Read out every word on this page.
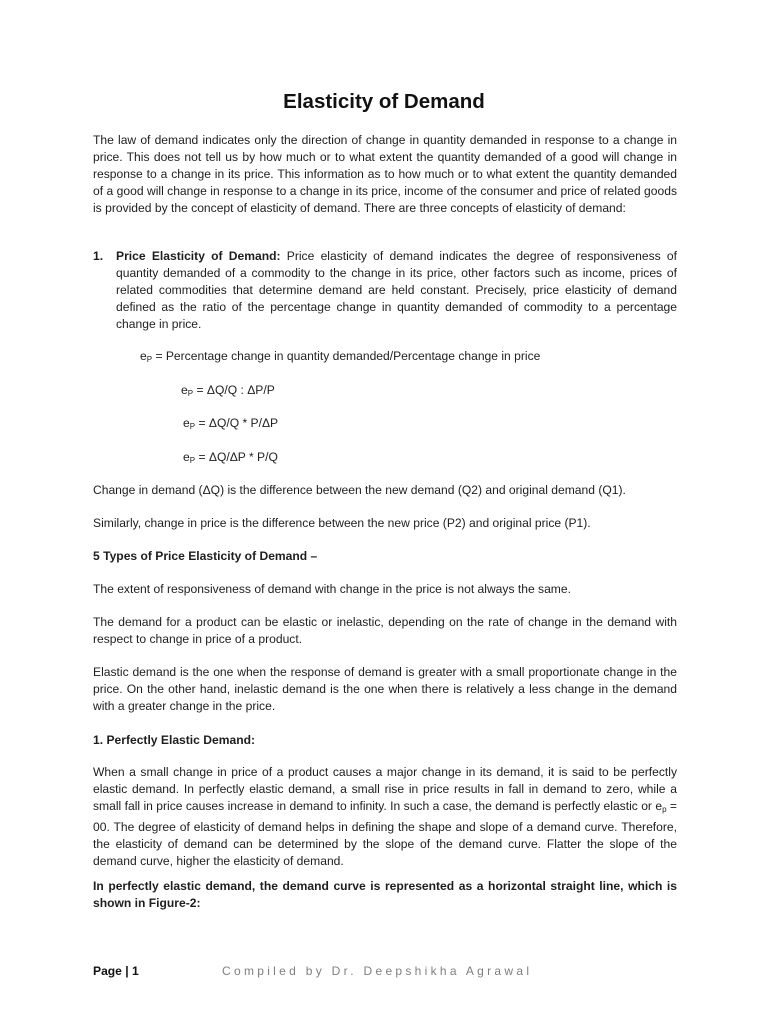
Elasticity of Demand
The law of demand indicates only the direction of change in quantity demanded in response to a change in price. This does not tell us by how much or to what extent the quantity demanded of a good will change in response to a change in its price. This information as to how much or to what extent the quantity demanded of a good will change in response to a change in its price, income of the consumer and price of related goods is provided by the concept of elasticity of demand. There are three concepts of elasticity of demand:
1. Price Elasticity of Demand: Price elasticity of demand indicates the degree of responsiveness of quantity demanded of a commodity to the change in its price, other factors such as income, prices of related commodities that determine demand are held constant. Precisely, price elasticity of demand defined as the ratio of the percentage change in quantity demanded of commodity to a percentage change in price.
$e_P$ = Percentage change in quantity demanded/Percentage change in price
$e_P = \Delta Q/Q$ : ΔP/P
$e_P = \Delta Q/Q * P/\Delta P$
$e_P = \Delta Q/\Delta P * P/Q$
Change in demand (ΔQ) is the difference between the new demand (Q2) and original demand (Q1).
Similarly, change in price is the difference between the new price (P2) and original price (P1).
5 Types of Price Elasticity of Demand –
The extent of responsiveness of demand with change in the price is not always the same.
The demand for a product can be elastic or inelastic, depending on the rate of change in the demand with respect to change in price of a product.
Elastic demand is the one when the response of demand is greater with a small proportionate change in the price. On the other hand, inelastic demand is the one when there is relatively a less change in the demand with a greater change in the price.
1. Perfectly Elastic Demand:
When a small change in price of a product causes a major change in its demand, it is said to be perfectly elastic demand. In perfectly elastic demand, a small rise in price results in fall in demand to zero, while a small fall in price causes increase in demand to infinity. In such a case, the demand is perfectly elastic or $e_p = 00$. The degree of elasticity of demand helps in defining the shape and slope of a demand curve. Therefore, the elasticity of demand can be determined by the slope of the demand curve. Flatter the slope of the demand curve, higher the elasticity of demand.
In perfectly elastic demand, the demand curve is represented as a horizontal straight line, which is shown in Figure-2:
Page | 1	Compiled by Dr. Deepshikha Agrawal
